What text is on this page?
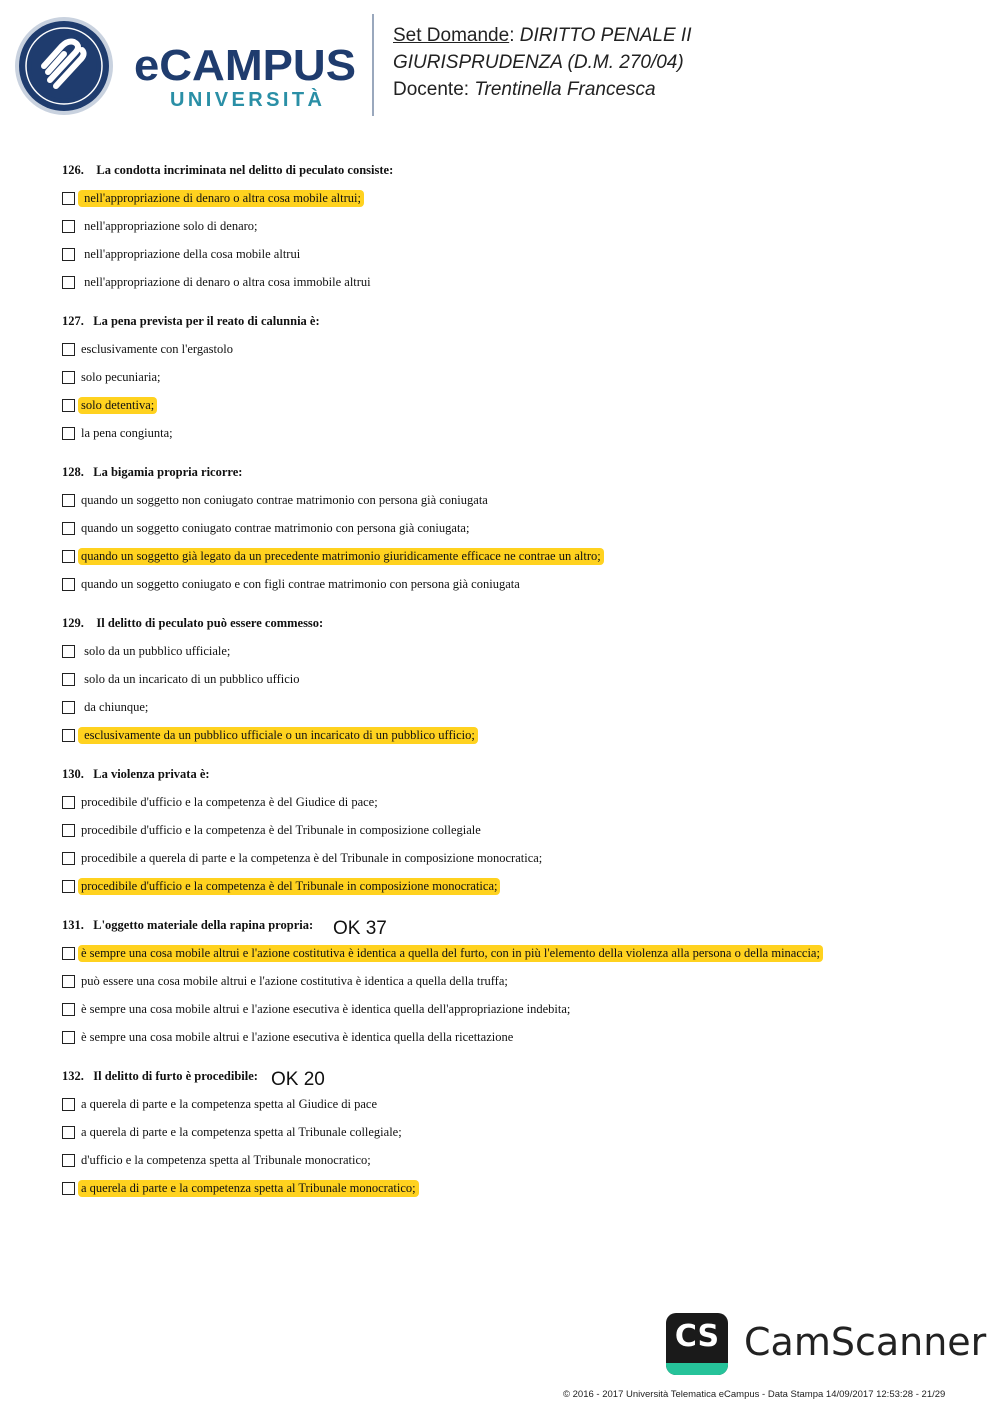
eCAMPUS
UNIVERSITÀ
Set Domande: DIRITTO PENALE II
GIURISPRUDENZA (D.M. 270/04)
Docente: Trentinella Francesca
126.    La condotta incriminata nel delitto di peculato consiste:
nell'appropriazione di denaro o altra cosa mobile altrui;
nell'appropriazione solo di denaro;
nell'appropriazione della cosa mobile altrui
nell'appropriazione di denaro o altra cosa immobile altrui
127.   La pena prevista per il reato di calunnia è:
esclusivamente con l'ergastolo
solo pecuniaria;
solo detentiva;
la pena congiunta;
128.   La bigamia propria ricorre:
quando un soggetto non coniugato contrae matrimonio con persona già coniugata
quando un soggetto coniugato contrae matrimonio con persona già coniugata;
quando un soggetto già legato da un precedente matrimonio giuridicamente efficace ne contrae un altro;
quando un soggetto coniugato e con figli contrae matrimonio con persona già coniugata
129.    Il delitto di peculato può essere commesso:
solo da un pubblico ufficiale;
solo da un incaricato di un pubblico ufficio
da chiunque;
esclusivamente da un pubblico ufficiale o un incaricato di un pubblico ufficio;
130.   La violenza privata è:
procedibile d'ufficio e la competenza è del Giudice di pace;
procedibile d'ufficio e la competenza è del Tribunale in composizione collegiale
procedibile a querela di parte e la competenza è del Tribunale in composizione monocratica;
procedibile d'ufficio e la competenza è del Tribunale in composizione monocratica;
131.   L'oggetto materiale della rapina propria: OK 37
è sempre una cosa mobile altrui e l'azione costitutiva è identica a quella del furto, con in più l'elemento della violenza alla persona o della minaccia;
può essere una cosa mobile altrui e l'azione costitutiva è identica a quella della truffa;
è sempre una cosa mobile altrui e l'azione esecutiva è identica quella dell'appropriazione indebita;
è sempre una cosa mobile altrui e l'azione esecutiva è identica quella della ricettazione
132.   Il delitto di furto è procedibile: OK 20
a querela di parte e la competenza spetta al Giudice di pace
a querela di parte e la competenza spetta al Tribunale collegiale;
d'ufficio e la competenza spetta al Tribunale monocratico;
a querela di parte e la competenza spetta al Tribunale monocratico;
CS CamScanner
© 2016 - 2017 Università Telematica eCampus - Data Stampa 14/09/2017 12:53:28 - 21/29
